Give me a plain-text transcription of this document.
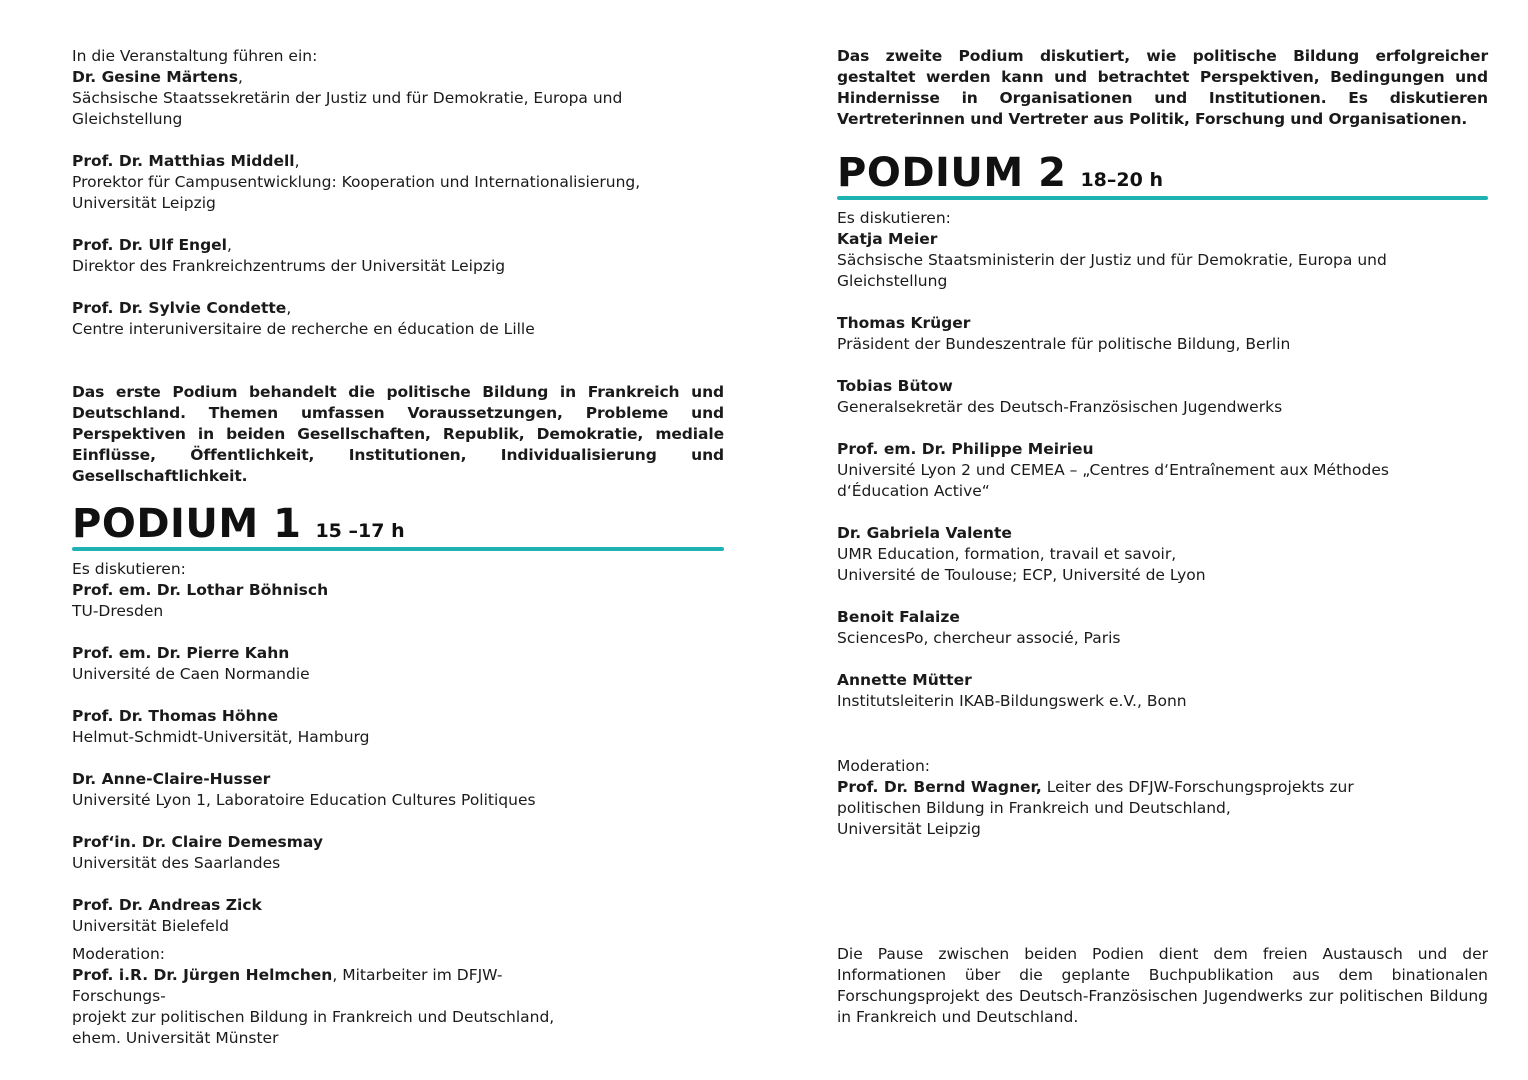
In die Veranstaltung führen ein:

Dr. Gesine Märtens,

Sächsische Staatssekretärin der Justiz und für Demokratie, Europa und Gleichstellung

Prof. Dr. Matthias Middell,

Prorektor für Campusentwicklung: Kooperation und Internationalisierung,

Universität Leipzig

Prof. Dr. Ulf Engel,

Direktor des Frankreichzentrums der Universität Leipzig

Prof. Dr. Sylvie Condette,

Centre interuniversitaire de recherche en éducation de Lille

Das erste Podium behandelt die politische Bildung in Frankreich und Deutschland. Themen umfassen Voraussetzungen, Probleme und Perspektiven in beiden Gesellschaften, Republik, Demokratie, mediale Einflüsse, Öffentlichkeit, Institutionen, Individualisierung und Gesellschaftlichkeit.

PODIUM 1 15 –17 h

Es diskutieren:

Prof. em. Dr. Lothar Böhnisch

TU-Dresden

Prof. em. Dr. Pierre Kahn

Université de Caen Normandie

Prof. Dr. Thomas Höhne

Helmut-Schmidt-Universität, Hamburg

Dr. Anne-Claire-Husser

Université Lyon 1, Laboratoire Education Cultures Politiques

Prof‘in. Dr. Claire Demesmay

Universität des Saarlandes

Prof. Dr. Andreas Zick

Universität Bielefeld

Moderation:

Prof. i.R. Dr. Jürgen Helmchen, Mitarbeiter im DFJW-Forschungs-

projekt zur politischen Bildung in Frankreich und Deutschland,

ehem. Universität Münster

Das zweite Podium diskutiert, wie politische Bildung erfolgreicher gestaltet werden kann und betrachtet Perspektiven, Bedingungen und Hindernisse in Organisationen und Institutionen. Es diskutieren Vertreterinnen und Vertreter aus Politik, Forschung und Organisationen.

PODIUM 2 18–20 h

Es diskutieren:

Katja Meier

Sächsische Staatsministerin der Justiz und für Demokratie, Europa und

Gleichstellung

Thomas Krüger

Präsident der Bundeszentrale für politische Bildung, Berlin

Tobias Bütow

Generalsekretär des Deutsch-Französischen Jugendwerks

Prof. em. Dr. Philippe Meirieu

Université Lyon 2 und CEMEA – „Centres d‘Entraînement aux Méthodes

d‘Éducation Active“

Dr. Gabriela Valente

UMR Education, formation, travail et savoir,

Université de Toulouse; ECP, Université de Lyon

Benoit Falaize

SciencesPo, chercheur associé, Paris

Annette Mütter

Institutsleiterin IKAB-Bildungswerk e.V., Bonn

Moderation:

Prof. Dr. Bernd Wagner, Leiter des DFJW-Forschungsprojekts zur

politischen Bildung in Frankreich und Deutschland,

Universität Leipzig

Die Pause zwischen beiden Podien dient dem freien Austausch und der Informationen über die geplante Buchpublikation aus dem binationalen Forschungsprojekt des Deutsch-Französischen Jugendwerks zur politischen Bildung in Frankreich und Deutschland.
